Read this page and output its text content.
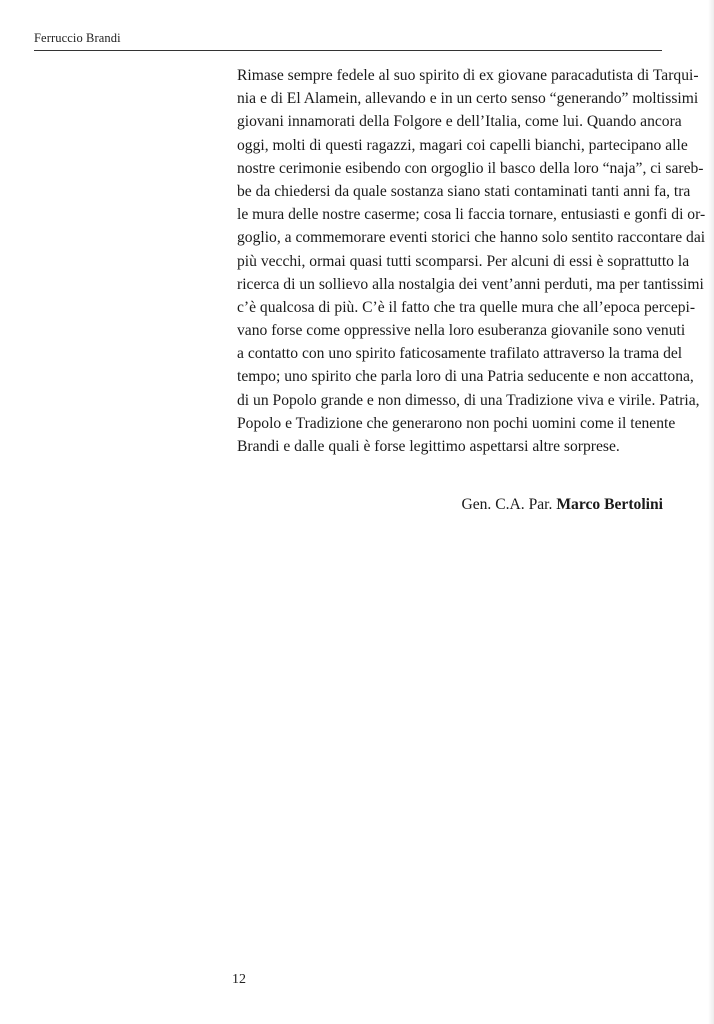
Ferruccio Brandi
Rimase sempre fedele al suo spirito di ex giovane paracadutista di Tarqui-
nia e di El Alamein, allevando e in un certo senso “generando” moltissimi
giovani innamorati della Folgore e dell’Italia, come lui. Quando ancora
oggi, molti di questi ragazzi, magari coi capelli bianchi, partecipano alle
nostre cerimonie esibendo con orgoglio il basco della loro “naja”, ci sareb-
be da chiedersi da quale sostanza siano stati contaminati tanti anni fa, tra
le mura delle nostre caserme; cosa li faccia tornare, entusiasti e gonfi di or-
goglio, a commemorare eventi storici che hanno solo sentito raccontare dai
più vecchi, ormai quasi tutti scomparsi. Per alcuni di essi è soprattutto la
ricerca di un sollievo alla nostalgia dei vent’anni perduti, ma per tantissimi
c’è qualcosa di più. C’è il fatto che tra quelle mura che all’epoca percepi-
vano forse come oppressive nella loro esuberanza giovanile sono venuti
a contatto con uno spirito faticosamente trafilato attraverso la trama del
tempo; uno spirito che parla loro di una Patria seducente e non accattona,
di un Popolo grande e non dimesso, di una Tradizione viva e virile. Patria,
Popolo e Tradizione che generarono non pochi uomini come il tenente
Brandi e dalle quali è forse legittimo aspettarsi altre sorprese.
Gen. C.A. Par. Marco Bertolini
12
